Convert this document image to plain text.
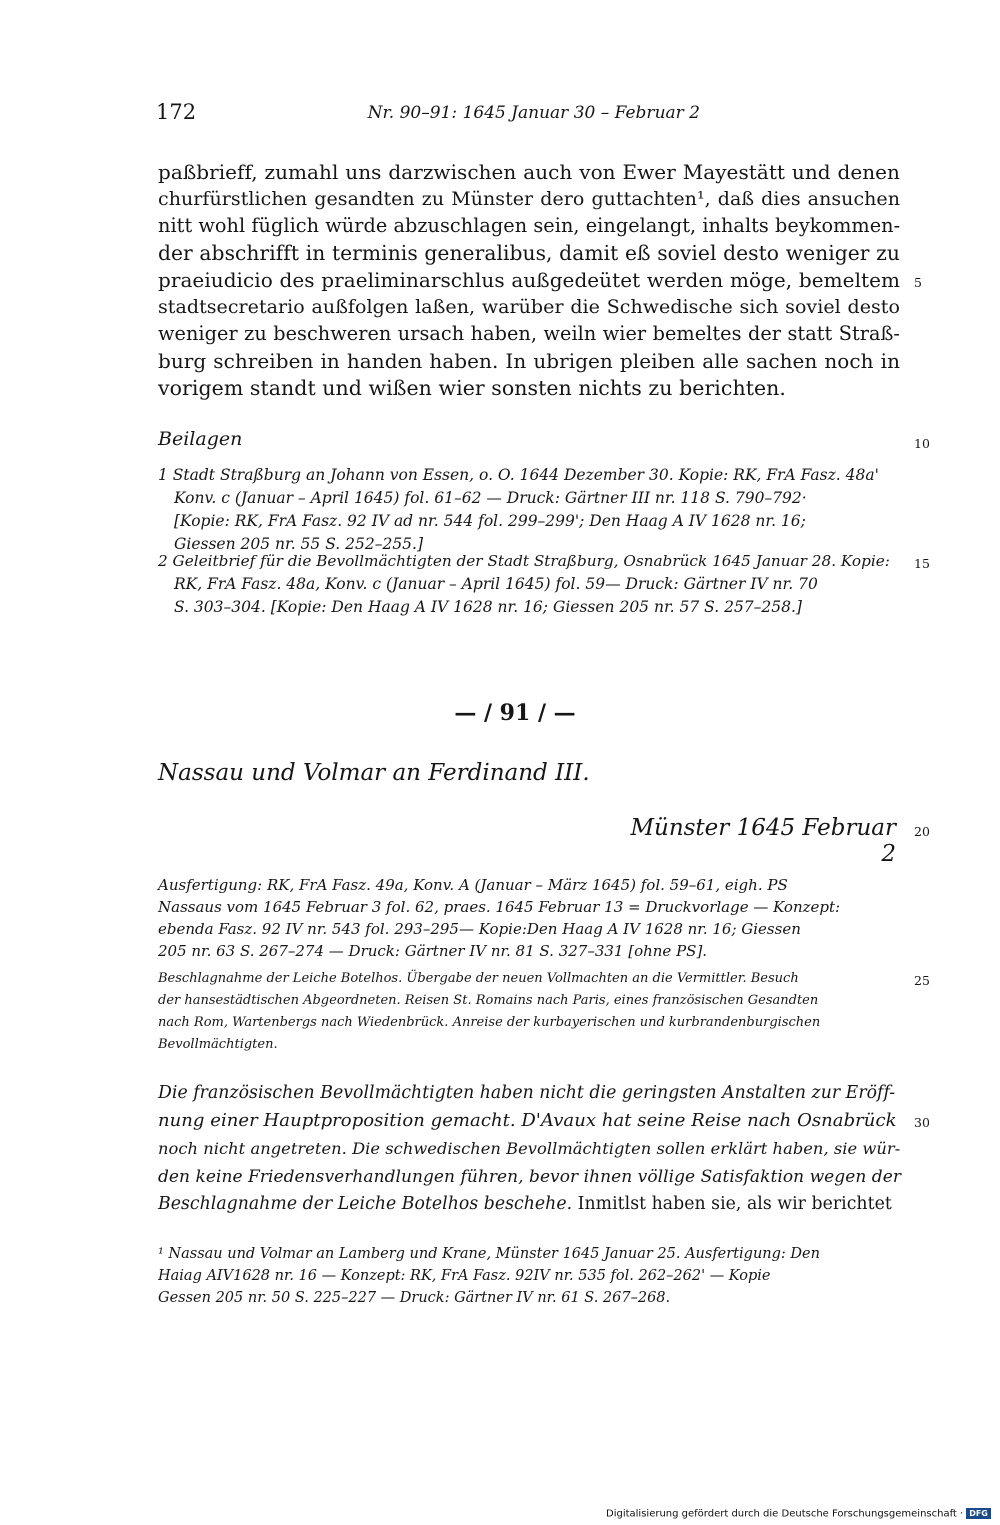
172	Nr. 90–91: 1645 Januar 30 – Februar 2
paßbrieff, zumahl uns darzwischen auch von Ewer Mayestätt und denen
churfürstlichen gesandten zu Münster dero guttachten¹, daß dies ansuchen
nitt wohl füglich würde abzuschlagen sein, eingelangt, inhalts beykommen-
der abschrifft in terminis generalibus, damit eß soviel desto weniger zu
praeiudicio des praeliminarschlus außgedeütet werden möge, bemeltem
stadtsecretario außfolgen laßen, warüber die Schwedische sich soviel desto
weniger zu beschweren ursach haben, weiln wier bemeltes der statt Straß-
burg schreiben in handen haben. In ubrigen pleiben alle sachen noch in
vorigem standt und wißen wier sonsten nichts zu berichten.
5
10
15
20
25
30
Beilagen
1 Stadt Straßburg an Johann von Essen, o. O. 1644 Dezember 30. Kopie: RK, FrA Fasz. 48a'
Konv. c (Januar – April 1645) fol. 61–62 — Druck: Gärtner III nr. 118 S. 790–792·
[Kopie: RK, FrA Fasz. 92 IV ad nr. 544 fol. 299–299'; Den Haag A IV 1628 nr. 16;
Giessen 205 nr. 55 S. 252–255.]
2 Geleitbrief für die Bevollmächtigten der Stadt Straßburg, Osnabrück 1645 Januar 28. Kopie:
RK, FrA Fasz. 48a, Konv. c (Januar – April 1645) fol. 59— Druck: Gärtner IV nr. 70
S. 303–304. [Kopie: Den Haag A IV 1628 nr. 16; Giessen 205 nr. 57 S. 257–258.]
— / 91 / —
Nassau und Volmar an Ferdinand III.
Münster 1645 Februar 2
Ausfertigung: RK, FrA Fasz. 49a, Konv. A (Januar – März 1645) fol. 59–61, eigh. PS
Nassaus vom 1645 Februar 3 fol. 62, praes. 1645 Februar 13 = Druckvorlage — Konzept:
ebenda Fasz. 92 IV nr. 543 fol. 293–295— Kopie:Den Haag A IV 1628 nr. 16; Giessen
205 nr. 63 S. 267–274 — Druck: Gärtner IV nr. 81 S. 327–331 [ohne PS].
Beschlagnahme der Leiche Botelhos. Übergabe der neuen Vollmachten an die Vermittler. Besuch
der hansestädtischen Abgeordneten. Reisen St. Romains nach Paris, eines französischen Gesandten
nach Rom, Wartenbergs nach Wiedenbrück. Anreise der kurbayerischen und kurbrandenburgischen
Bevollmächtigten.
Die französischen Bevollmächtigten haben nicht die geringsten Anstalten zur Eröff-
nung einer Hauptproposition gemacht. D'Avaux hat seine Reise nach Osnabrück
noch nicht angetreten. Die schwedischen Bevollmächtigten sollen erklärt haben, sie wür-
den keine Friedensverhandlungen führen, bevor ihnen völlige Satisfaktion wegen der
Beschlagnahme der Leiche Botelhos beschehe. Inmitlst haben sie, als wir berichtet
¹ Nassau und Volmar an Lamberg und Krane, Münster 1645 Januar 25. Ausfertigung: Den
Haiag AIV1628 nr. 16 — Konzept: RK, FrA Fasz. 92IV nr. 535 fol. 262–262' — Kopie
Gessen 205 nr. 50 S. 225–227 — Druck: Gärtner IV nr. 61 S. 267–268.
Digitalisierung gefördert durch die Deutsche Forschungsgemeinschaft · DFG
